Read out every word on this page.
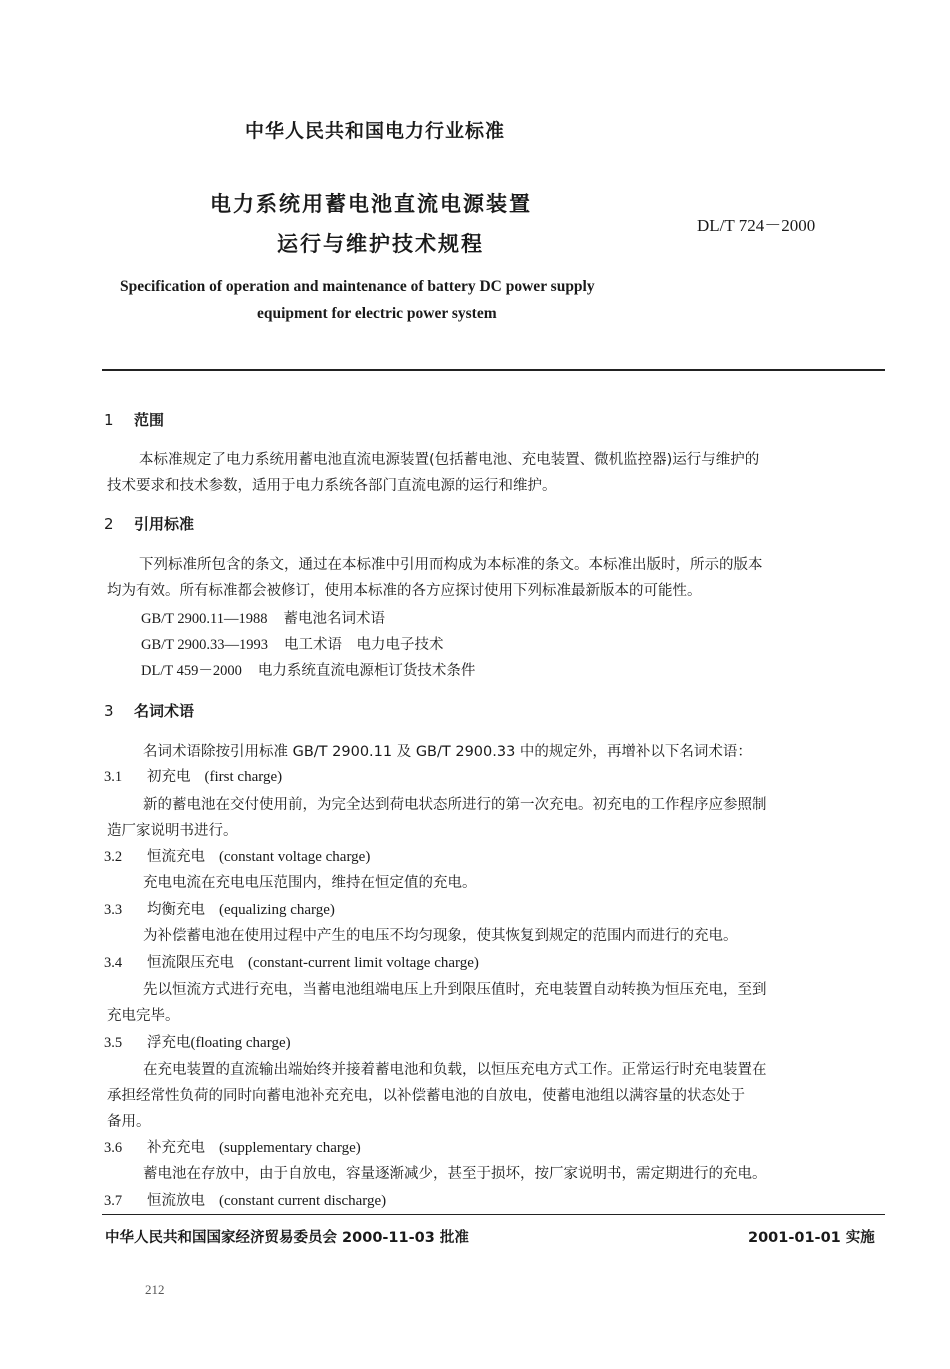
中华人民共和国电力行业标准
电力系统用蓄电池直流电源装置
运行与维护技术规程
DL/T 724－2000
Specification of operation and maintenance of battery DC power supply
equipment for electric power system
1 范围
本标准规定了电力系统用蓄电池直流电源装置(包括蓄电池、充电装置、微机监控器)运行与维护的
技术要求和技术参数，适用于电力系统各部门直流电源的运行和维护。
2 引用标准
下列标准所包含的条文，通过在本标准中引用而构成为本标准的条文。本标准出版时，所示的版本
均为有效。所有标准都会被修订，使用本标准的各方应探讨使用下列标准最新版本的可能性。
GB/T 2900.11—1988 蓄电池名词术语
GB/T 2900.33—1993 电工术语　电力电子技术
DL/T 459－2000 电力系统直流电源柜订货技术条件
3 名词术语
名词术语除按引用标准 GB/T 2900.11 及 GB/T 2900.33 中的规定外，再增补以下名词术语：
3.1 初充电 (first charge)
新的蓄电池在交付使用前，为完全达到荷电状态所进行的第一次充电。初充电的工作程序应参照制
造厂家说明书进行。
3.2 恒流充电 (constant voltage charge)
充电电流在充电电压范围内，维持在恒定值的充电。
3.3 均衡充电 (equalizing charge)
为补偿蓄电池在使用过程中产生的电压不均匀现象，使其恢复到规定的范围内而进行的充电。
3.4 恒流限压充电 (constant-current limit voltage charge)
先以恒流方式进行充电，当蓄电池组端电压上升到限压值时，充电装置自动转换为恒压充电，至到
充电完毕。
3.5 浮充电(floating charge)
在充电装置的直流输出端始终并接着蓄电池和负载，以恒压充电方式工作。正常运行时充电装置在
承担经常性负荷的同时向蓄电池补充充电，以补偿蓄电池的自放电，使蓄电池组以满容量的状态处于
备用。
3.6 补充充电 (supplementary charge)
蓄电池在存放中，由于自放电，容量逐渐减少，甚至于损坏，按厂家说明书，需定期进行的充电。
3.7 恒流放电 (constant current discharge)
中华人民共和国国家经济贸易委员会 2000-11-03 批准	2001-01-01 实施
212
